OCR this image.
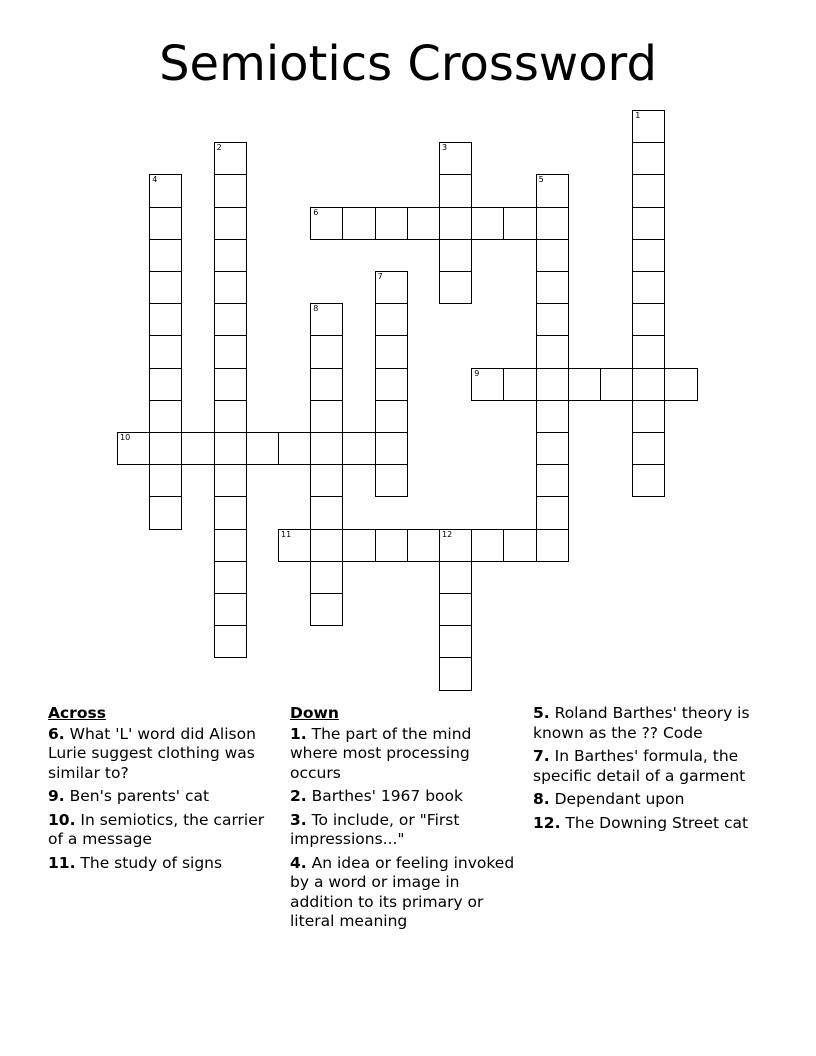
Semiotics Crossword
1
2	3
4	5
6
7
8
9
10
11	12
Across
6. What 'L' word did Alison Lurie suggest clothing was similar to?
9. Ben's parents' cat
10. In semiotics, the carrier of a message
11. The study of signs
Down
1. The part of the mind where most processing occurs
2. Barthes' 1967 book
3. To include, or "First impressions..."
4. An idea or feeling invoked by a word or image in addition to its primary or literal meaning
5. Roland Barthes' theory is known as the ?? Code
7. In Barthes' formula, the specific detail of a garment
8. Dependant upon
12. The Downing Street cat
